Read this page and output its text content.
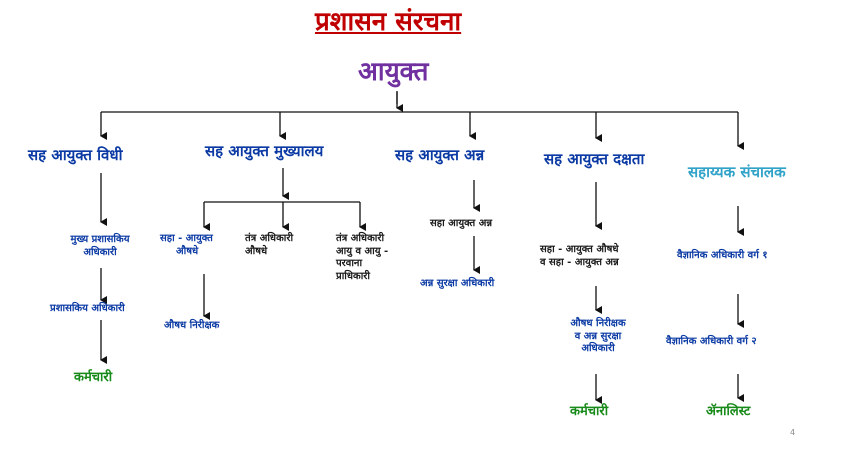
प्रशासन संरचना
आयुक्त
सह आयुक्त विधी	सह आयुक्त मुख्यालय	सह आयुक्त अन्न	सह आयुक्त दक्षता
सहाय्यक संचालक
मुख्य प्रशासकिय
अधिकारी
प्रशासकिय अधिकारी
कर्मचारी
सहा - आयुक्त
औषधे
औषध निरीक्षक
तंत्र अधिकारी
औषधे
तंत्र अधिकारी
आयु व आयु -
परवाना
प्राधिकारी
सहा आयुक्त अन्न
अन्न सुरक्षा अधिकारी
सहा - आयुक्त औषधे
व सहा - आयुक्त अन्न
औषध निरीक्षक
व अन्न सुरक्षा
अधिकारी
कर्मचारी
वैज्ञानिक अधिकारी वर्ग १
वैज्ञानिक अधिकारी वर्ग २
ॲनालिस्ट
4
